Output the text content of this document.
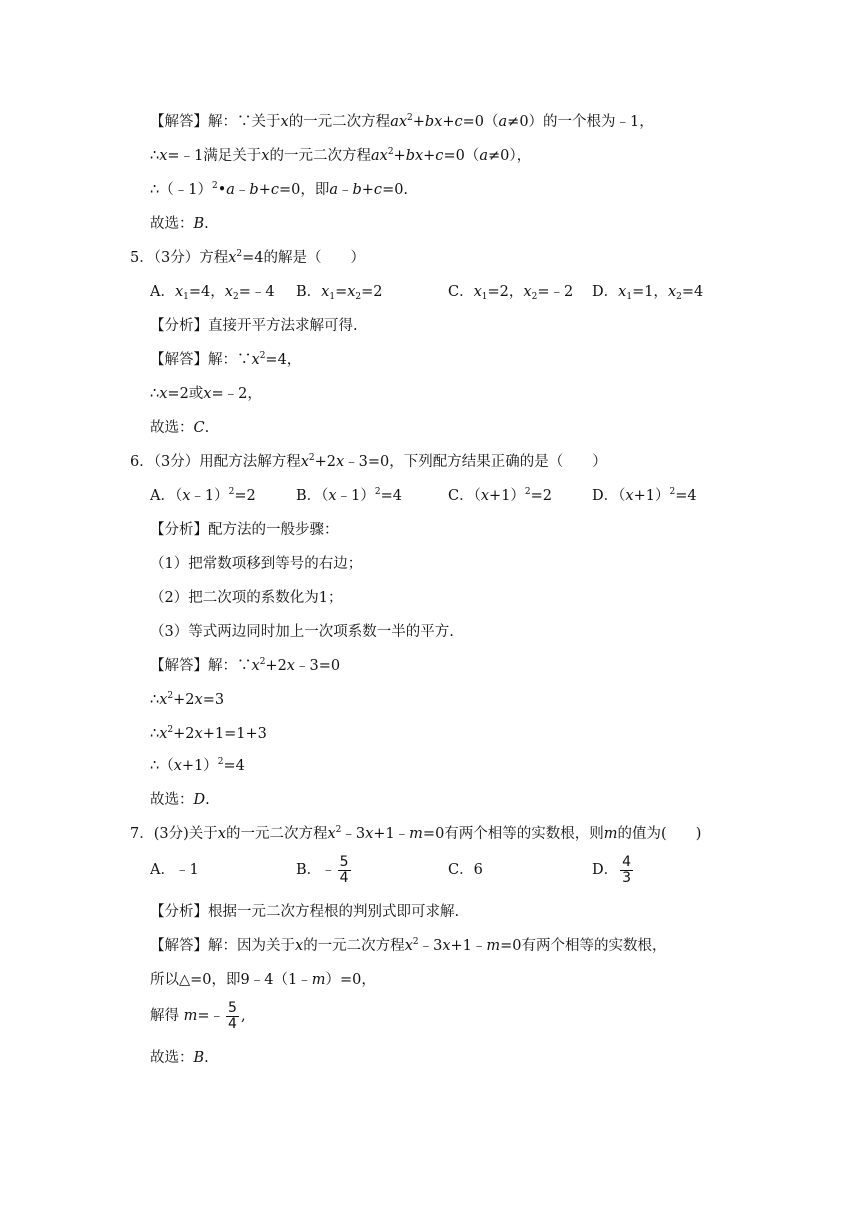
【解答】解：∵关于x的一元二次方程$ax^2+bx+c=0(a\ne 0)$的一个根为﹣1，
∴x=﹣1满足关于x的一元二次方程$ax^2+bx+c=0(a\ne 0)$，
∴（﹣1）$^2$•a﹣b+c=0，即a﹣b+c=0.
故选：B.
5．（3分）方程$x^2=4$的解是（　　）
A．$x_1=4$，$x_2=﹣4$ B．$x_1=x_2=2$	C．$x_1=2$，$x_2=﹣2$ D．$x_1=1$，$x_2=4$
【分析】直接开平方法求解可得.
【解答】解：$\because x^2=4$，
∴x=2或x=﹣2，
故选：C.
6．（3分）用配方法解方程$x^2+2x﹣3=0$，下列配方结果正确的是（　　）
A．（x﹣1）$^2$=2	B．（x﹣1）$^2$=4	C．$(x+1)^2=2$	D．$(x+1)^2=4$
【分析】配方法的一般步骤：
（1）把常数项移到等号的右边；
（2）把二次项的系数化为1；
（3）等式两边同时加上一次项系数一半的平方.
【解答】解：$\because x^2+2x﹣3=0$
$\therefore x^2+2x=3$
$\therefore x^2+2x+1=1+3$
$\therefore(x+1)^2=4$
故选：D.
7．(3分)关于x的一元二次方程$x^2﹣3x+1﹣m=0$有两个相等的实数根，则m的值为(　　)
A．﹣1	B．﹣ $\frac{5}{4}$	C．6	D． $\frac{4}{3}$
【分析】根据一元二次方程根的判别式即可求解.
【解答】解：因为关于x的一元二次方程$x^2﹣3x+1﹣m=0$有两个相等的实数根，
所以△=0，即9﹣4（1﹣m）=0，
解得 m=﹣ $\frac{5}{4}$ ,
故选：B.
